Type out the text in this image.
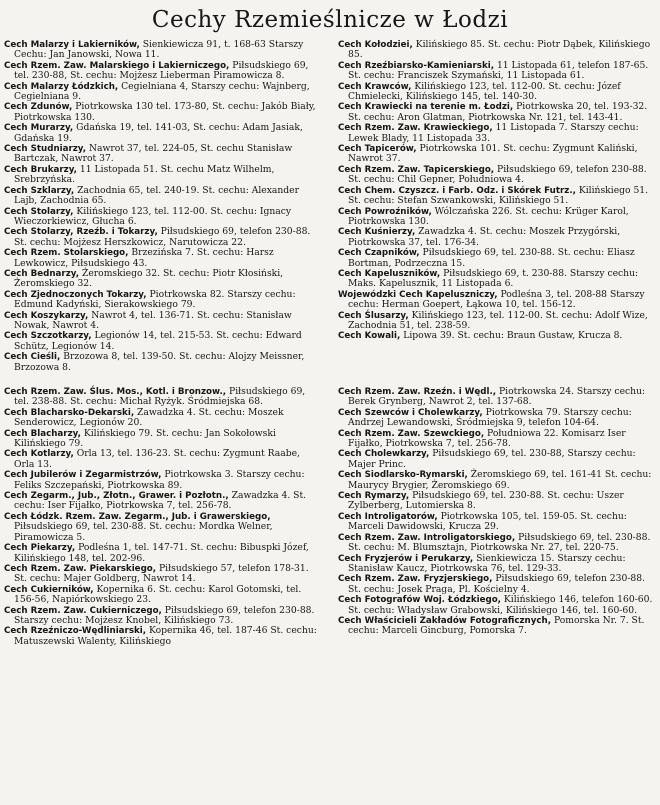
Cechy Rzemieślnicze w Łodzi
Cech Malarzy i Lakierników, Sienkiewicza 91, t. 168-63 Starszy Cechu: Jan Janowski, Nowa 11.
Cech Rzem. Zaw. Malarskiego i Lakierniczego, Piłsudskiego 69, tel. 230-88, St. cechu: Mojżesz Lieberman Piramowicza 8.
Cech Malarzy Łódzkich, Cegielniana 4, Starszy cechu: Wajnberg, Cegielniana 9.
Cech Zdunów, Piotrkowska 130 tel. 173-80, St. cechu: Jakób Biały, Piotrkowska 130.
Cech Murarzy, Gdańska 19, tel. 141-03, St. cechu: Adam Jasiak, Gdańska 19.
Cech Studniarzy, Nawrot 37, tel. 224-05, St. cechu Stanisław Bartczak, Nawrot 37.
Cech Brukarzy, 11 Listopada 51. St. cechu Matz Wilhelm, Srebrzyńska.
Cech Szklarzy, Zachodnia 65, tel. 240-19. St. cechu: Alexander Lajb, Zachodnia 65.
Cech Stolarzy, Kilińskiego 123, tel. 112-00. St. cechu: Ignacy Wieczorkiewicz, Głucha 6.
Cech Stolarzy, Rzeźb. i Tokarzy, Piłsudskiego 69, telefon 230-88. St. cechu: Mojżesz Herszkowicz, Narutowicza 22.
Cech Rzem. Stolarskiego, Brzezińska 7. St. cechu: Harsz Lewkowicz, Piłsudskiego 43.
Cech Bednarzy, Żeromskiego 32. St. cechu: Piotr Kłosiński, Żeromskiego 32.
Cech Zjednoczonych Tokarzy, Piotrkowska 82. Starszy cechu: Edmund Kadyński, Sierakowskiego 79.
Cech Koszykarzy, Nawrot 4, tel. 136-71. St. cechu: Stanisław Nowak, Nawrot 4.
Cech Szczotkarzy, Legionów 14, tel. 215-53. St. cechu: Edward Schütz, Legionów 14.
Cech Cieśli, Brzozowa 8, tel. 139-50. St. cechu: Alojzy Meissner, Brzozowa 8.
Cech Kołodziei, Kilińskiego 85. St. cechu: Piotr Dąbek, Kilińskiego 85.
Cech Rzeźbiarsko-Kamieniarski, 11 Listopada 61, telefon 187-65. St. cechu: Franciszek Szymański, 11 Listopada 61.
Cech Krawców, Kilińskiego 123, tel. 112-00. St. cechu: Józef Chmielecki, Kilińskiego 145, tel. 140-30.
Cech Krawiecki na terenie m. Łodzi, Piotrkowska 20, tel. 193-32. St. cechu: Aron Glatman, Piotrkowska Nr. 121, tel. 143-41.
Cech Rzem. Zaw. Krawieckiego, 11 Listopada 7. Starszy cechu: Lewek Blady, 11 Listopada 33.
Cech Tapicerów, Piotrkowska 101. St. cechu: Zygmunt Kaliński, Nawrot 37.
Cech Rzem. Zaw. Tapicerskiego, Piłsudskiego 69, telefon 230-88. St. cechu: Chil Gepner, Południowa 4.
Cech Chem. Czyszcz. i Farb. Odz. i Skórek Futrz., Kilińskiego 51. St. cechu: Stefan Szwankowski, Kilińskiego 51.
Cech Powroźników, Wólczańska 226. St. cechu: Krüger Karol, Piotrkowska 130.
Cech Kuśnierzy, Zawadzka 4. St. cechu: Moszek Przygórski, Piotrkowska 37, tel. 176-34.
Cech Czapników, Piłsudskiego 69, tel. 230-88. St. cechu: Eliasz Bortman, Podrzeczna 15.
Cech Kapeluszników, Piłsudskiego 69, t. 230-88. Starszy cechu: Maks. Kapelusznik, 11 Listopada 6.
Wojewódzki Cech Kapeluszniczy, Podleśna 3, tel. 208-88 Starszy cechu: Herman Goepert, Łąkowa 10, tel. 156-12.
Cech Ślusarzy, Kilińskiego 123, tel. 112-00. St. cechu: Adolf Wize, Zachodnia 51, tel. 238-59.
Cech Kowali, Lipowa 39. St. cechu: Braun Gustaw, Kruczа 8.
Cech Rzem. Zaw. Ślus. Mos., Kotl. i Bronzow., Piłsudskiego 69, tel. 238-88. St. cechu: Michał Ryżyk. Śródmiejska 68.
Cech Blacharsko-Dekarski, Zawadzka 4. St. cechu: Moszek Senderowicz, Legionów 20.
Cech Blacharzy, Kilińskiego 79. St. cechu: Jan Sokołowski Kilińskiego 79.
Cech Kotlarzy, Orla 13, tel. 136-23. St. cechu: Zygmunt Raabe, Orla 13.
Cech Jubilerów i Zegarmistrzów, Piotrkowska 3. Starszy cechu: Feliks Szczepański, Piotrkowska 89.
Cech Zegarm., Jub., Złotn., Grawer. i Pozłotn., Zawadzka 4. St. cechu: Iser Fijałko, Piotrkowska 7, tel. 256-78.
Cech Łódzk. Rzem. Zaw. Zegarm., Jub. i Grawerskiego, Piłsudskiego 69, tel. 230-88. St. cechu: Mordka Welner, Piramowicza 5.
Cech Piekarzy, Podleśna 1, tel. 147-71. St. cechu: Bibuspki Józef, Kilińskiego 148, tel. 202-96.
Cech Rzem. Zaw. Piekarskiego, Piłsudskiego 57, telefon 178-31. St. cechu: Majer Goldberg, Nawrot 14.
Cech Cukierników, Kopernika 6. St. cechu: Karol Gotomski, tel. 156-56, Napiórkowskiego 23.
Cech Rzem. Zaw. Cukierniczego, Piłsudskiego 69, telefon 230-88. Starszy cechu: Mojżesz Knobel, Kilińskiego 73.
Cech Rzeźniczo-Wędliniarski, Kopernika 46, tel. 187-46 St. cechu: Matuszewski Walenty, Kilińskiego
Cech Rzem. Zaw. Rzeźn. i Wędl., Piotrkowska 24. Starszy cechu: Berek Grynberg, Nawrot 2, tel. 137-68.
Cech Szewców i Cholewkarzy, Piotrkowska 79. Starszy cechu: Andrzej Lewandowski, Śródmiejska 9, telefon 104-64.
Cech Rzem. Zaw. Szewckiego, Południowa 22. Komisarz Iser Fijałko, Piotrkowska 7, tel. 256-78.
Cech Cholewkarzy, Piłsudskiego 69, tel. 230-88, Starszy cechu: Majer Princ.
Cech Siodlarsko-Rymarski, Żeromskiego 69, tel. 161-41 St. cechu: Maurycy Brygier, Żeromskiego 69.
Cech Rymarzy, Piłsudskiego 69, tel. 230-88. St. cechu: Uszer Zylberberg, Lutomierska 8.
Cech Introligatorów, Piotrkowska 105, tel. 159-05. St. cechu: Marceli Dawidowski, Krucza 29.
Cech Rzem. Zaw. Introligatorskiego, Piłsudskiego 69, tel. 230-88. St. cechu: M. Blumsztajn, Piotrkowska Nr. 27, tel. 220-75.
Cech Fryzjerów i Perukarzy, Sienkiewicza 15. Starszy cechu: Stanisław Kaucz, Piotrkowska 76, tel. 129-33.
Cech Rzem. Zaw. Fryzjerskiego, Piłsudskiego 69, telefon 230-88. St. cechu: Josek Praga, Pl. Kościelny 4.
Cech Fotografów Woj. Łódzkiego, Kilińskiego 146, telefon 160-60. St. cechu: Władysław Grabowski, Kilińskiego 146, tel. 160-60.
Cech Właścicieli Zakładów Fotograficznych, Pomorska Nr. 7. St. cechu: Marceli Ginсburg, Pomorska 7.
